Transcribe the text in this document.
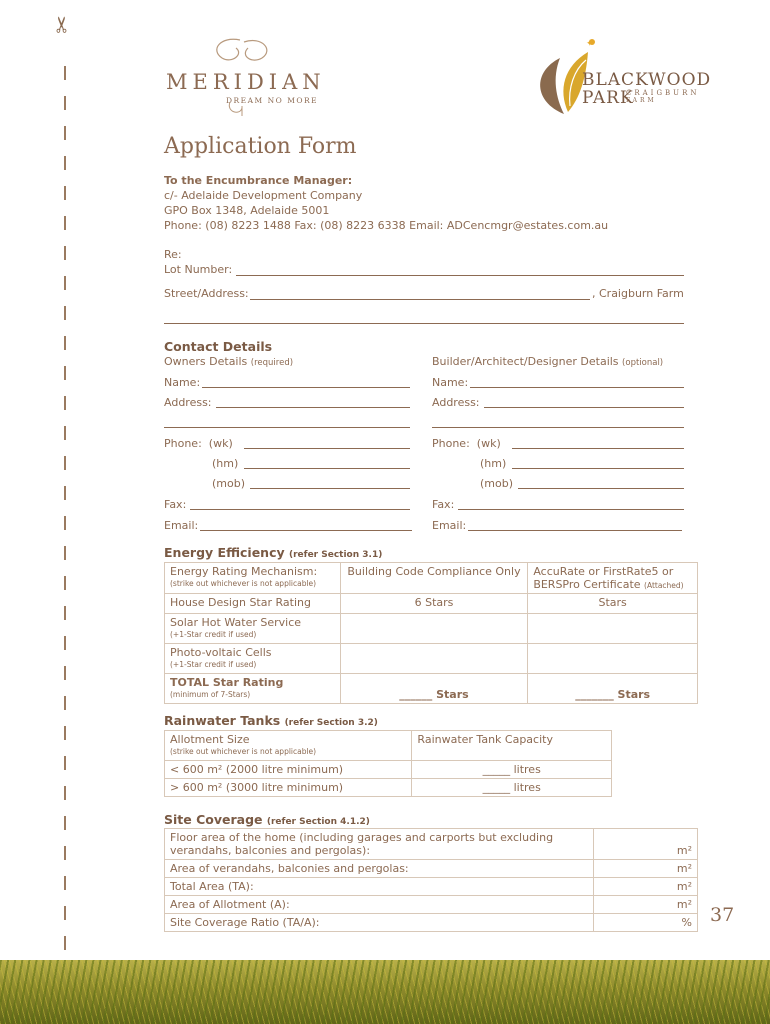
✂
MERIDIAN
DREAM NO MORE
✦
BLACKWOOD
PARK
CRAIGBURN
FARM
Application Form
To the Encumbrance Manager:
c/- Adelaide Development Company
GPO Box 1348, Adelaide 5001
Phone: (08) 8223 1488 Fax: (08) 8223 6338 Email: ADCencmgr@estates.com.au
Re:
Lot Number:
Street/Address:	, Craigburn Farm
Contact Details
Owners Details (required)	Builder/Architect/Designer Details (optional)
Name:
Address:
Phone: (wk)
(hm)
(mob)
Fax:
Email:
Name:
Address:
Phone: (wk)
(hm)
(mob)
Fax:
Email:
Energy Efficiency (refer Section 3.1)
Energy Rating Mechanism:
(strike out whichever is not applicable)	Building Code Compliance Only	AccuRate or FirstRate5 or BERSPro Certificate (Attached)
House Design Star Rating	6 Stars	Stars
Solar Hot Water Service
(+1-Star credit if used)		

Photo-voltaic Cells
(+1-Star credit if used)		

TOTAL Star Rating
(minimum of 7-Stars)	______ Stars	_______ Stars
Rainwater Tanks (refer Section 3.2)
Allotment Size
(strike out whichever is not applicable)	Rainwater Tank Capacity
< 600 m² (2000 litre minimum)	_____ litres
> 600 m² (3000 litre minimum)	_____ litres
Site Coverage (refer Section 4.1.2)
Floor area of the home (including garages and carports but excluding verandahs, balconies and pergolas):	m²
Area of verandahs, balconies and pergolas:	m²
Total Area (TA):	m²
Area of Allotment (A):	m²
Site Coverage Ratio (TA/A):	% 37
